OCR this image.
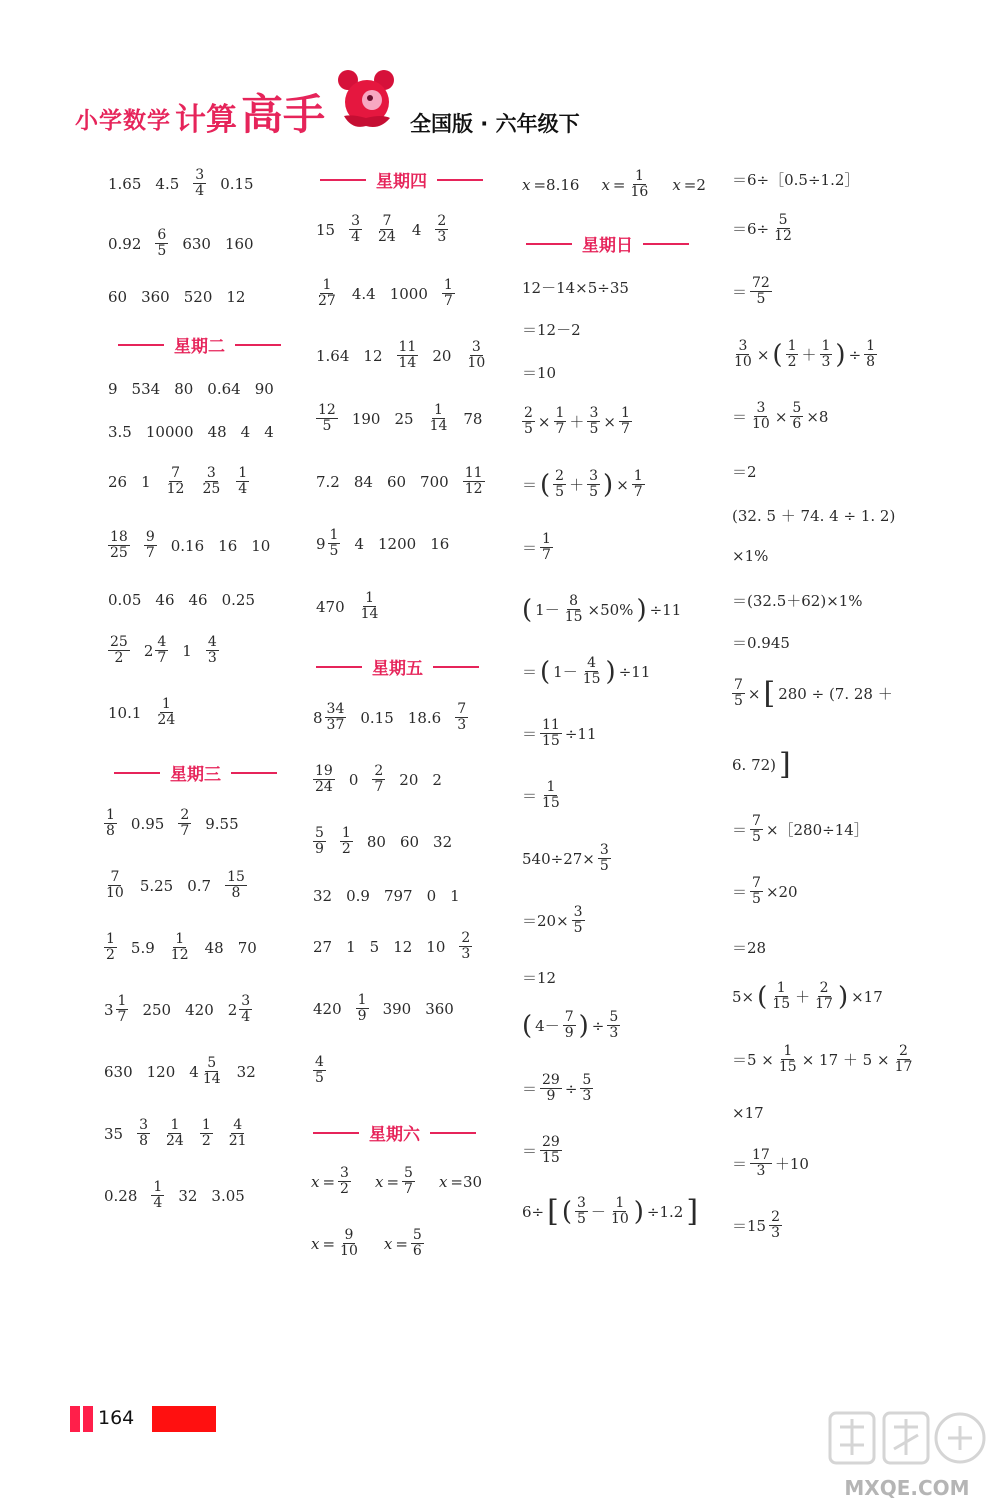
小学数学 计算 高手	全国版 · 六年级下
1.65 $4.5 \frac{3}{4} 0.15$
$0.92 \frac{6}{5} 630$ 160
60 360 520 12
星期二
9 534 80 0.64 90
3.5 10000 48 4 4
26 $1 \frac{7}{12} \frac{3}{25} \frac{1}{4}$
$\frac{18}{25} \frac{9}{7} 0.16$ 16 10
0.05 46 46 0.25
$\frac{25}{2} 2 \frac{4}{7} 1 \frac{4}{3}$
$10.1 \frac{1}{24}$
星期三
$\frac{1}{8} 0.95 \frac{2}{7} 9.55$
$\frac{7}{10} 5.25$ $0.7 \frac{15}{8}$
$\frac{1}{2} 5.9 \frac{1}{12} 48$ 70
$3 \frac{1}{7} 250$ 420 $2 \frac{3}{4}$
630 120 $4 \frac{5}{14} 32$
$35 \frac{3}{8} \frac{1}{24} \frac{1}{2} \frac{4}{21}$
$0.28 \frac{1}{4} 32$ 3.05
星期四
$15 \frac{3}{4} \frac{7}{24} 4 \frac{2}{3}$
$\frac{1}{27} 4.4$ $1000 \frac{1}{7}$
1.64 $12 \frac{11}{14} 20 \frac{3}{10}$
$\frac{12}{5} 190$ $25 \frac{1}{14} 78$
7.2 84 60 $700 \frac{11}{12}$
$9 \frac{1}{5} 4$ 1200 16
$470 \frac{1}{14}$
星期五
$8 \frac{34}{37} 0.15$ $18.6 \frac{7}{3}$
$\frac{19}{24} 0 \frac{2}{7} 20$ 2
$\frac{5}{9} \frac{1}{2} 80$ 60 32
32 0.9 797 0 1
27 1 5 12 $10 \frac{2}{3}$
$420 \frac{1}{9} 390$ 360
$\frac{4}{5}$
星期六
$x = \frac{3}{2}$ $x = \frac{5}{7}$ x =30
$x = \frac{9}{10}$ $x = \frac{5}{6}$
x =8.16 $x = \frac{1}{16}$ x =2
星期日
12－14×5÷35
＝12－2
＝10
$\frac{2}{5} \times \frac{1}{7} + \frac{3}{5} \times \frac{1}{7}$
＝ ( $\frac{2}{5} + \frac{3}{5}$ ) × $\frac{1}{7}$
＝ $\frac{1}{7}$
( $1- \frac{8}{15} \times 50\%$ ) ÷11
＝ ( $1- \frac{4}{15}$ ) ÷11
＝ $\frac{11}{15} \div 11$
＝ $\frac{1}{15}$
$540\div 27\times \frac{3}{5}$
$=20\times \frac{3}{5}$
＝12
( $4- \frac{7}{9}$ ) ÷ $\frac{5}{3}$
＝ $\frac{29}{9} \div \frac{5}{3}$
＝ $\frac{29}{15}$
6÷ [ ( $\frac{3}{5} - \frac{1}{10}$ ) ÷1.2 ]
＝6÷［0.5÷1.2］
$=6\div \frac{5}{12}$
＝ $\frac{72}{5}$
$\frac{3}{10}$ × ( $\frac{1}{2} + \frac{1}{3}$ ) ÷ $\frac{1}{8}$
＝ $\frac{3}{10} \times \frac{5}{6} \times 8$
＝2
(32. 5 ＋ 74. 4 ÷ 1. 2)
×1%
＝(32.5＋62)×1%
＝0.945
$\frac{7}{5}$ × [ 280 ÷ (7. 28 ＋
6. 72) ]
＝ $\frac{7}{5}$ ×［280÷14］
＝ $\frac{7}{5} \times 20$
＝28
5× ( $\frac{1}{15} + \frac{2}{17}$ ) ×17
$=5 \times \frac{1}{15} \times 17 + 5 \times \frac{2}{17}$
×17
＝ $\frac{17}{3} +10$
$=15 \frac{2}{3}$
164
MXQE.COM
